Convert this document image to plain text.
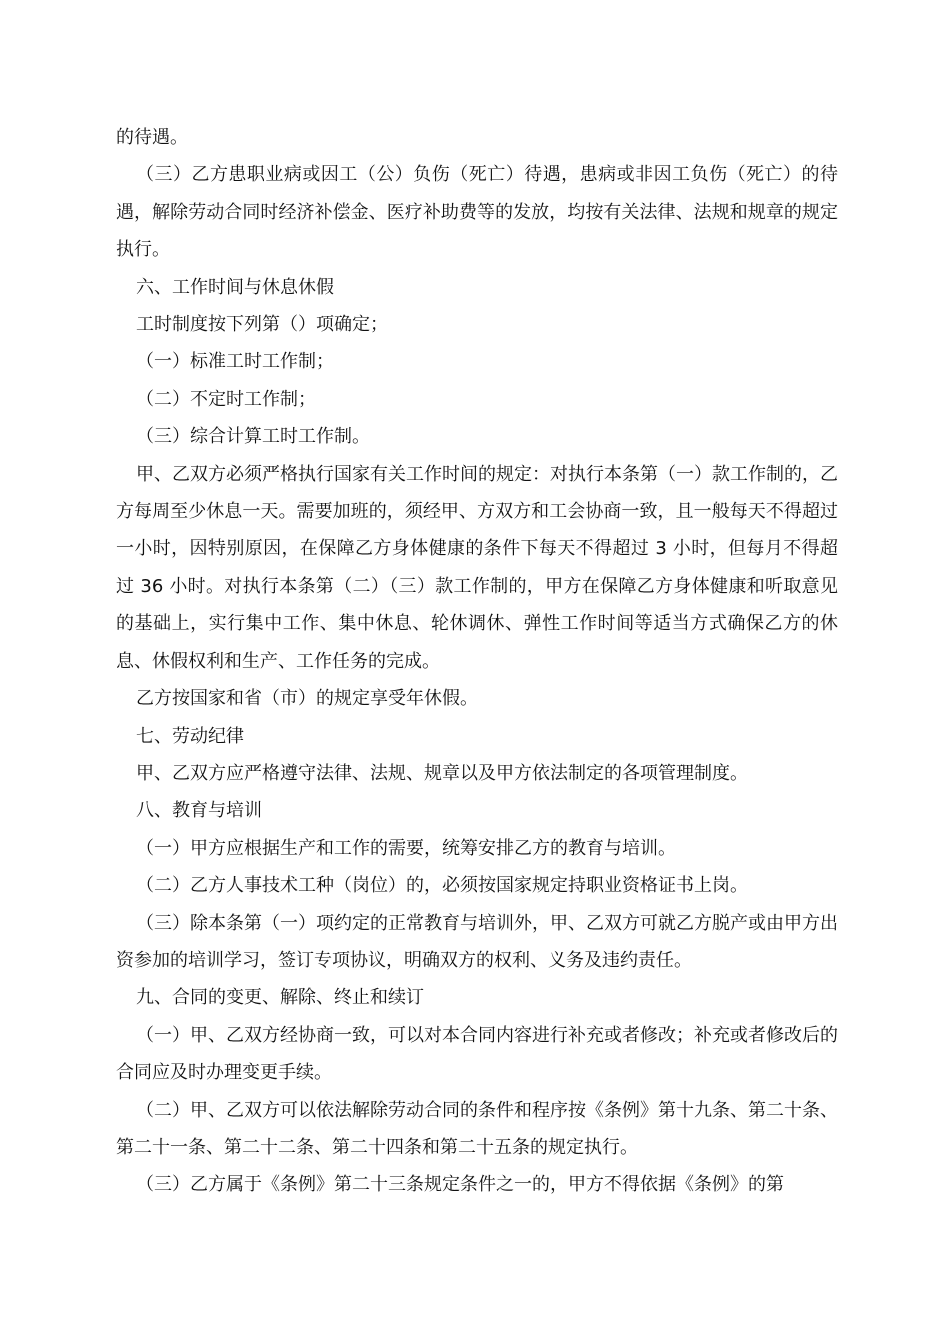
的待遇。

（三）乙方患职业病或因工（公）负伤（死亡）待遇，患病或非因工负伤（死亡）的待遇，解除劳动合同时经济补偿金、医疗补助费等的发放，均按有关法律、法规和规章的规定执行。

六、工作时间与休息休假

工时制度按下列第（）项确定；

（一）标准工时工作制；

（二）不定时工作制；

（三）综合计算工时工作制。

甲、乙双方必须严格执行国家有关工作时间的规定：对执行本条第（一）款工作制的，乙方每周至少休息一天。需要加班的，须经甲、方双方和工会协商一致，且一般每天不得超过一小时，因特别原因，在保障乙方身体健康的条件下每天不得超过 3 小时，但每月不得超过 36 小时。对执行本条第（二）（三）款工作制的，甲方在保障乙方身体健康和听取意见的基础上，实行集中工作、集中休息、轮休调休、弹性工作时间等适当方式确保乙方的休息、休假权利和生产、工作任务的完成。

乙方按国家和省（市）的规定享受年休假。

七、劳动纪律

甲、乙双方应严格遵守法律、法规、规章以及甲方依法制定的各项管理制度。

八、教育与培训

（一）甲方应根据生产和工作的需要，统筹安排乙方的教育与培训。

（二）乙方人事技术工种（岗位）的，必须按国家规定持职业资格证书上岗。

（三）除本条第（一）项约定的正常教育与培训外，甲、乙双方可就乙方脱产或由甲方出资参加的培训学习，签订专项协议，明确双方的权利、义务及违约责任。

九、合同的变更、解除、终止和续订

（一）甲、乙双方经协商一致，可以对本合同内容进行补充或者修改；补充或者修改后的合同应及时办理变更手续。

（二）甲、乙双方可以依法解除劳动合同的条件和程序按《条例》第十九条、第二十条、第二十一条、第二十二条、第二十四条和第二十五条的规定执行。

（三）乙方属于《条例》第二十三条规定条件之一的，甲方不得依据《条例》的第
